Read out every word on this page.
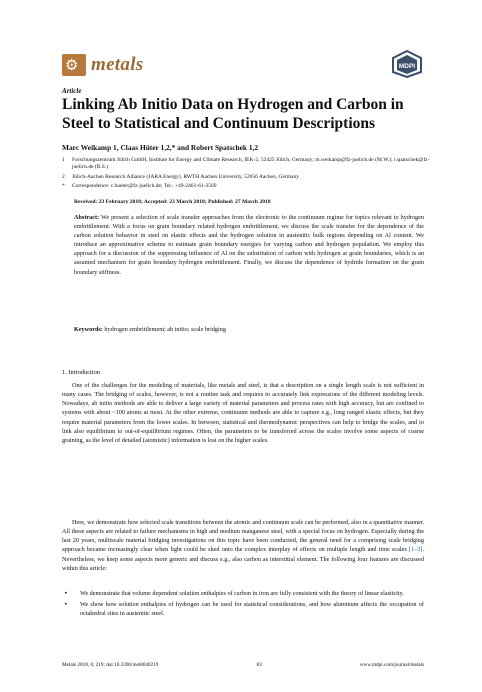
⚙ metals	MDPI
Article
Linking Ab Initio Data on Hydrogen and Carbon in Steel to Statistical and Continuum Descriptions
Marc Weikamp 1, Claas Hüter 1,2,* and Robert Spatschek 1,2
1 Forschungszentrum Jülich GmbH, Institute for Energy and Climate Research, IEK-2, 52425 Jülich, Germany; m.weikamp@fz-juelich.de (M.W.); r.spatschek@fz-juelich.de (R.S.)
2 Jülich-Aachen Research Alliance (JARA Energy), RWTH Aachen University, 52056 Aachen, Germany
* Correspondence: c.hueter@fz-juelich.de; Tel.: +49-2461-61-2569
Received: 23 February 2018; Accepted: 23 March 2018; Published: 27 March 2018
Abstract: We present a selection of scale transfer approaches from the electronic to the continuum regime for topics relevant to hydrogen embrittlement. With a focus on grain boundary related hydrogen embrittlement, we discuss the scale transfer for the dependence of the carbon solution behavior in steel on elastic effects and the hydrogen solution in austenitic bulk regions depending on Al content. We introduce an approximative scheme to estimate grain boundary energies for varying carbon and hydrogen population. We employ this approach for a discussion of the suppressing influence of Al on the substitution of carbon with hydrogen at grain boundaries, which is an assumed mechanism for grain boundary hydrogen embrittlement. Finally, we discuss the dependence of hydride formation on the grain boundary stiffness.
Keywords: hydrogen embrittlement; ab initio; scale bridging
1. Introduction

One of the challenges for the modeling of materials, like metals and steel, is that a description on a single length scale is not sufficient in many cases. The bridging of scales, however, is not a routine task and requires to accurately link expressions of the different modeling levels. Nowadays, ab initio methods are able to deliver a large variety of material parameters and process rates with high accuracy, but are confined to systems with about ~100 atoms at most. At the other extreme, continuum methods are able to capture e.g., long ranged elastic effects, but they require material parameters from the lower scales. In between, statistical and thermodynamic perspectives can help to bridge the scales, and to link also equilibrium to out-of-equilibrium regimes. Often, the parameters to be transferred across the scales involve some aspects of coarse graining, as the level of detailed (atomistic) information is lost on the higher scales.

Here, we demonstrate how selected scale transitions between the atomic and continuum scale can be performed, also in a quantitative manner. All these aspects are related to failure mechanisms in high and medium manganese steel, with a special focus on hydrogen. Especially during the last 20 years, multiscale material bridging investigations on this topic have been conducted, the general need for a comprising scale bridging approach became increasingly clear when light could be shed onto the complex interplay of effects on multiple length and time scales [1–3]. Nevertheless, we keep some aspects more generic and discuss e.g., also carbon as interstitial element. The following four features are discussed within this article:

• We demonstrate that volume dependent solution enthalpies of carbon in iron are fully consistent with the theory of linear elasticity.
• We show how solution enthalpies of hydrogen can be used for statistical considerations, and how aluminum affects the occupation of octahedral sites in austenitic steel.
Metals 2018, 8, 219; doi:10.3390/met8040219	83	www.mdpi.com/journal/metals
